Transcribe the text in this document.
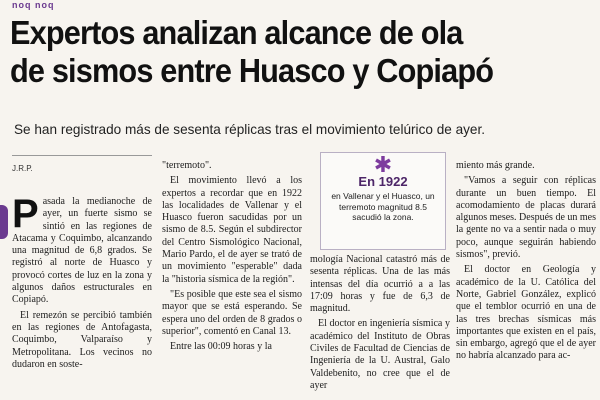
noq noq
Expertos analizan alcance de ola
de sismos entre Huasco y Copiapó
Se han registrado más de sesenta réplicas tras el movimiento telúrico de ayer.
J.R.P.

Pasada la medianoche de ayer, un fuerte sismo se sintió en las regiones de Atacama y Coquimbo, alcanzando una magnitud de 6,8 grados. Se registró al norte de Huasco y provocó cortes de luz en la zona y algunos daños estructurales en Copiapó.

El remezón se percibió también en las regiones de Antofagasta, Coquimbo, Valparaíso y Metropolitana. Los vecinos no dudaron en soste-

"terremoto".

El movimiento llevó a los expertos a recordar que en 1922 las localidades de Vallenar y el Huasco fueron sacudidas por un sismo de 8.5. Según el subdirector del Centro Sismológico Nacional, Mario Pardo, el de ayer se trató de un movimiento "esperable" dada la "historia sísmica de la región".

"Es posible que este sea el sismo mayor que se está esperando. Se espera uno del orden de 8 grados o superior", comentó en Canal 13.

Entre las 00:09 horas y la

✱
En 1922
en Vallenar y el Huasco, un terremoto magnitud 8.5 sacudió la zona.

mología Nacional catastró más de sesenta réplicas. Una de las más intensas del día ocurrió a a las 17:09 horas y fue de 6,3 de magnitud.

El doctor en ingeniería sísmica y académico del Instituto de Obras Civiles de Facultad de Ciencias de Ingeniería de la U. Austral, Galo Valdebenito, no cree que el de ayer

miento más grande.

"Vamos a seguir con réplicas durante un buen tiempo. El acomodamiento de placas durará algunos meses. Después de un mes la gente no va a sentir nada o muy poco, aunque seguirán habiendo sismos", previó.

El doctor en Geología y académico de la U. Católica del Norte, Gabriel González, explicó que el temblor ocurrió en una de las tres brechas sísmicas más importantes que existen en el país, sin embargo, agregó que el de ayer no habría alcanzado para ac-
